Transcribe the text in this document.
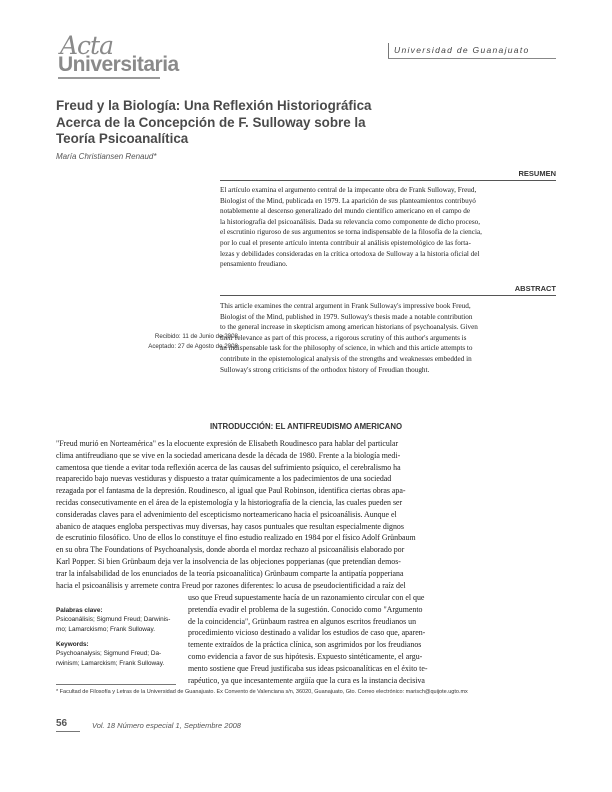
Acta
Universitaria
Universidad de Guanajuato
Freud y la Biología: Una Reflexión Historiográfica
Acerca de la Concepción de F. Sulloway sobre la
Teoría Psicoanalítica
María Christiansen Renaud*
RESUMEN

El artículo examina el argumento central de la impecante obra de Frank Sulloway, Freud,

Biologist of the Mind, publicada en 1979. La aparición de sus planteamientos contribuyó

notablemente al descenso generalizado del mundo científico americano en el campo de

la historiografía del psicoanálisis. Dada su relevancia como componente de dicho proceso,

el escrutinio riguroso de sus argumentos se torna indispensable de la filosofía de la ciencia,

por lo cual el presente artículo intenta contribuir al análisis epistemológico de las forta-

lezas y debilidades consideradas en la crítica ortodoxa de Sulloway a la historia oficial del

pensamiento freudiano.

ABSTRACT

This article examines the central argument in Frank Sulloway's impressive book Freud,

Biologist of the Mind, published in 1979. Sulloway's thesis made a notable contribution

to the general increase in skepticism among american historians of psychoanalysis. Given

their relevance as part of this process, a rigorous scrutiny of this author's arguments is

an indispensable task for the philosophy of science, in which and this article attempts to

contribute in the epistemological analysis of the strengths and weaknesses embedded in

Sulloway's strong criticisms of the orthodox history of Freudian thought.

Recibido: 11 de Junio de 2008
Aceptado: 27 de Agosto de 2008
INTRODUCCIÓN: EL ANTIFREUDISMO AMERICANO

"Freud murió en Norteamérica" es la elocuente expresión de Elisabeth Roudinesco para hablar del particular

clima antifreudiano que se vive en la sociedad americana desde la década de 1980. Frente a la biología medi-

camentosa que tiende a evitar toda reflexión acerca de las causas del sufrimiento psíquico, el cerebralismo ha

reaparecido bajo nuevas vestiduras y dispuesto a tratar químicamente a los padecimientos de una sociedad

rezagada por el fantasma de la depresión. Roudinesco, al igual que Paul Robinson, identifica ciertas obras apa-

recidas consecutivamente en el área de la epistemología y la historiografía de la ciencia, las cuales pueden ser

consideradas claves para el advenimiento del escepticismo norteamericano hacia el psicoanálisis. Aunque el

abanico de ataques engloba perspectivas muy diversas, hay casos puntuales que resultan especialmente dignos

de escrutinio filosófico. Uno de ellos lo constituye el fino estudio realizado en 1984 por el físico Adolf Grünbaum

en su obra The Foundations of Psychoanalysis, donde aborda el mordaz rechazo al psicoanálisis elaborado por

Karl Popper. Si bien Grünbaum deja ver la insolvencia de las objeciones popperianas (que pretendían demos-

trar la infalsabilidad de los enunciados de la teoría psicoanalítica) Grünbaum comparte la antipatía popperiana

hacia el psicoanálisis y arremete contra Freud por razones diferentes: lo acusa de pseudocientificidad a raíz del

uso que Freud supuestamente hacía de un razonamiento circular con el que

pretendía evadir el problema de la sugestión. Conocido como "Argumento

de la coincidencia", Grünbaum rastrea en algunos escritos freudianos un

procedimiento vicioso destinado a validar los estudios de caso que, aparen-

temente extraídos de la práctica clínica, son asgrimidos por los freudianos

como evidencia a favor de sus hipótesis. Expuesto sintéticamente, el argu-

mento sostiene que Freud justificaba sus ideas psicoanalíticas en el éxito te-

rapéutico, ya que incesantemente argüía que la cura es la instancia decisiva

Palabras clave:
Psicoanálisis; Sigmund Freud; Darwinis-
mo; Lamarckismo; Frank Sulloway.
Keywords:
Psychoanalysis; Sigmund Freud; Da-
rwinism; Lamarckism; Frank Sulloway.
* Facultad de Filosofía y Letras de la Universidad de Guanajuato. Ex Convento de Valenciana s/n, 36020, Guanajuato, Gto. Correo electrónico: marisch@quijote.ugto.mx
56	Vol. 18 Número especial 1, Septiembre 2008
